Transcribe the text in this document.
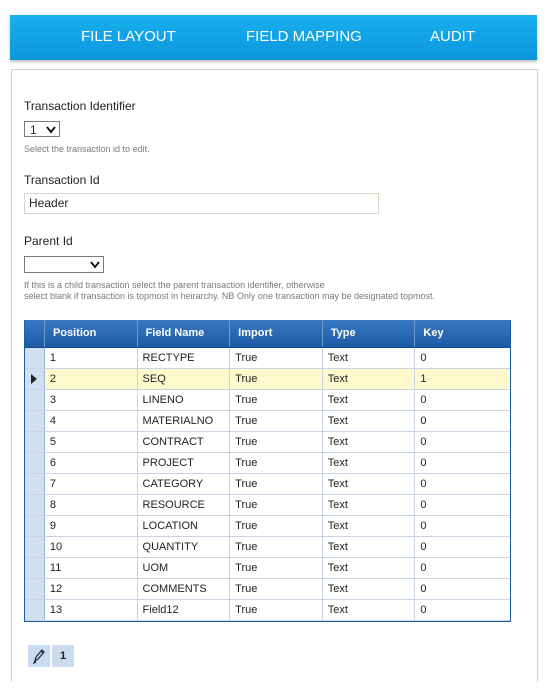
FILE LAYOUT	FIELD MAPPING	AUDIT
Transaction Identifier
1
Select the transaction id to edit.
Transaction Id
Header
Parent Id
If this is a child transaction select the parent transaction identifier, otherwise
select blank if transaction is topmost in heirarchy. NB Only one transaction may be designated topmost.
Position	Field Name	Import	Type	Key
1	RECTYPE	True	Text	0
2	SEQ	True	Text	1
3	LINENO	True	Text	0
4	MATERIALNO	True	Text	0
5	CONTRACT	True	Text	0
6	PROJECT	True	Text	0
7	CATEGORY	True	Text	0
8	RESOURCE	True	Text	0
9	LOCATION	True	Text	0
10	QUANTITY	True	Text	0
11	UOM	True	Text	0
12	COMMENTS	True	Text	0
13	Field12	True	Text	0
1
